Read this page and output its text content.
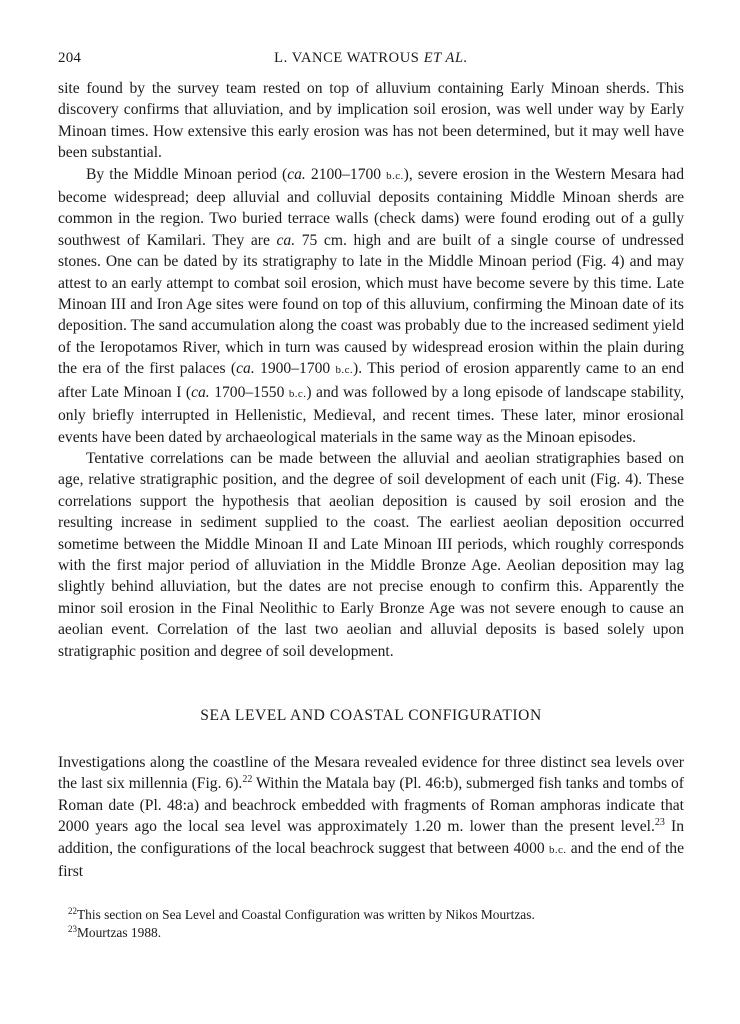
204	L. VANCE WATROUS ET AL.

site found by the survey team rested on top of alluvium containing Early Minoan sherds. This discovery confirms that alluviation, and by implication soil erosion, was well under way by Early Minoan times. How extensive this early erosion was has not been determined, but it may well have been substantial.

By the Middle Minoan period (ca. 2100–1700 b.c.), severe erosion in the Western Mesara had become widespread; deep alluvial and colluvial deposits containing Middle Minoan sherds are common in the region. Two buried terrace walls (check dams) were found eroding out of a gully southwest of Kamilari. They are ca. 75 cm. high and are built of a single course of undressed stones. One can be dated by its stratigraphy to late in the Middle Minoan period (Fig. 4) and may attest to an early attempt to combat soil erosion, which must have become severe by this time. Late Minoan III and Iron Age sites were found on top of this alluvium, confirming the Minoan date of its deposition. The sand accumulation along the coast was probably due to the increased sediment yield of the Ieropotamos River, which in turn was caused by widespread erosion within the plain during the era of the first palaces (ca. 1900–1700 b.c.). This period of erosion apparently came to an end after Late Minoan I (ca. 1700–1550 b.c.) and was followed by a long episode of landscape stability, only briefly interrupted in Hellenistic, Medieval, and recent times. These later, minor erosional events have been dated by archaeological materials in the same way as the Minoan episodes.

Tentative correlations can be made between the alluvial and aeolian stratigraphies based on age, relative stratigraphic position, and the degree of soil development of each unit (Fig. 4). These correlations support the hypothesis that aeolian deposition is caused by soil erosion and the resulting increase in sediment supplied to the coast. The earliest aeolian deposition occurred sometime between the Middle Minoan II and Late Minoan III periods, which roughly corresponds with the first major period of alluviation in the Middle Bronze Age. Aeolian deposition may lag slightly behind alluviation, but the dates are not precise enough to confirm this. Apparently the minor soil erosion in the Final Neolithic to Early Bronze Age was not severe enough to cause an aeolian event. Correlation of the last two aeolian and alluvial deposits is based solely upon stratigraphic position and degree of soil development.

SEA LEVEL AND COASTAL CONFIGURATION

Investigations along the coastline of the Mesara revealed evidence for three distinct sea levels over the last six millennia (Fig. 6).$^{22}$ Within the Matala bay (Pl. 46:b), submerged fish tanks and tombs of Roman date (Pl. 48:a) and beachrock embedded with fragments of Roman amphoras indicate that 2000 years ago the local sea level was approximately 1.20 m. lower than the present level.$^{23}$ In addition, the configurations of the local beachrock suggest that between 4000 b.c. and the end of the first

$^{22}$This section on Sea Level and Coastal Configuration was written by Nikos Mourtzas.

$^{23}$Mourtzas 1988.
